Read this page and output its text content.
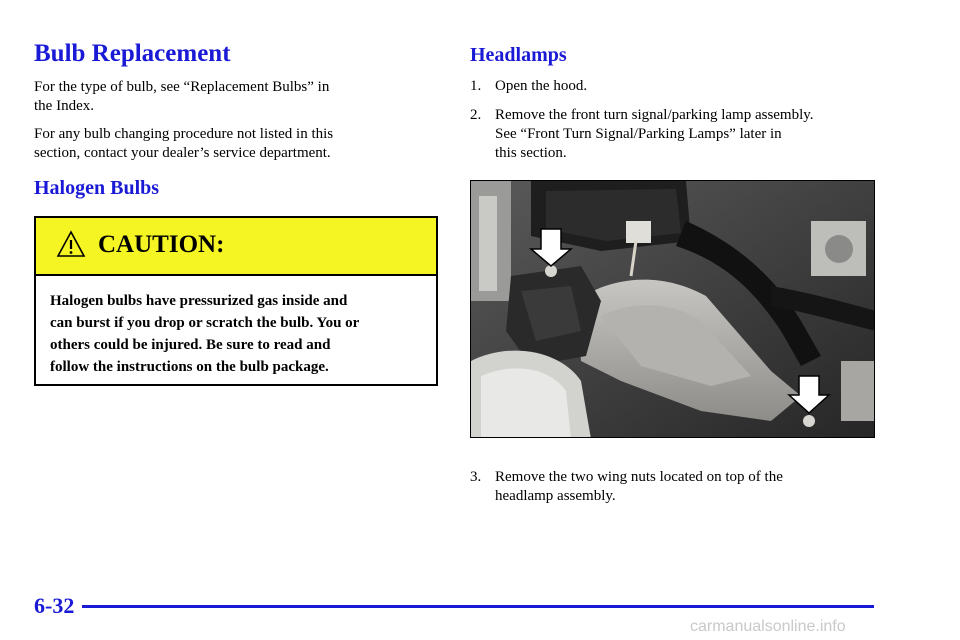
Bulb Replacement
For the type of bulb, see “Replacement Bulbs” in
the Index.
For any bulb changing procedure not listed in this
section, contact your dealer’s service department.
Halogen Bulbs
CAUTION:
Halogen bulbs have pressurized gas inside and
can burst if you drop or scratch the bulb. You or
others could be injured. Be sure to read and
follow the instructions on the bulb package.
Headlamps
1. Open the hood.
2. Remove the front turn signal/parking lamp assembly.
See “Front Turn Signal/Parking Lamps” later in
this section.
3. Remove the two wing nuts located on top of the
headlamp assembly.
6-32
carmanualsonline.info
